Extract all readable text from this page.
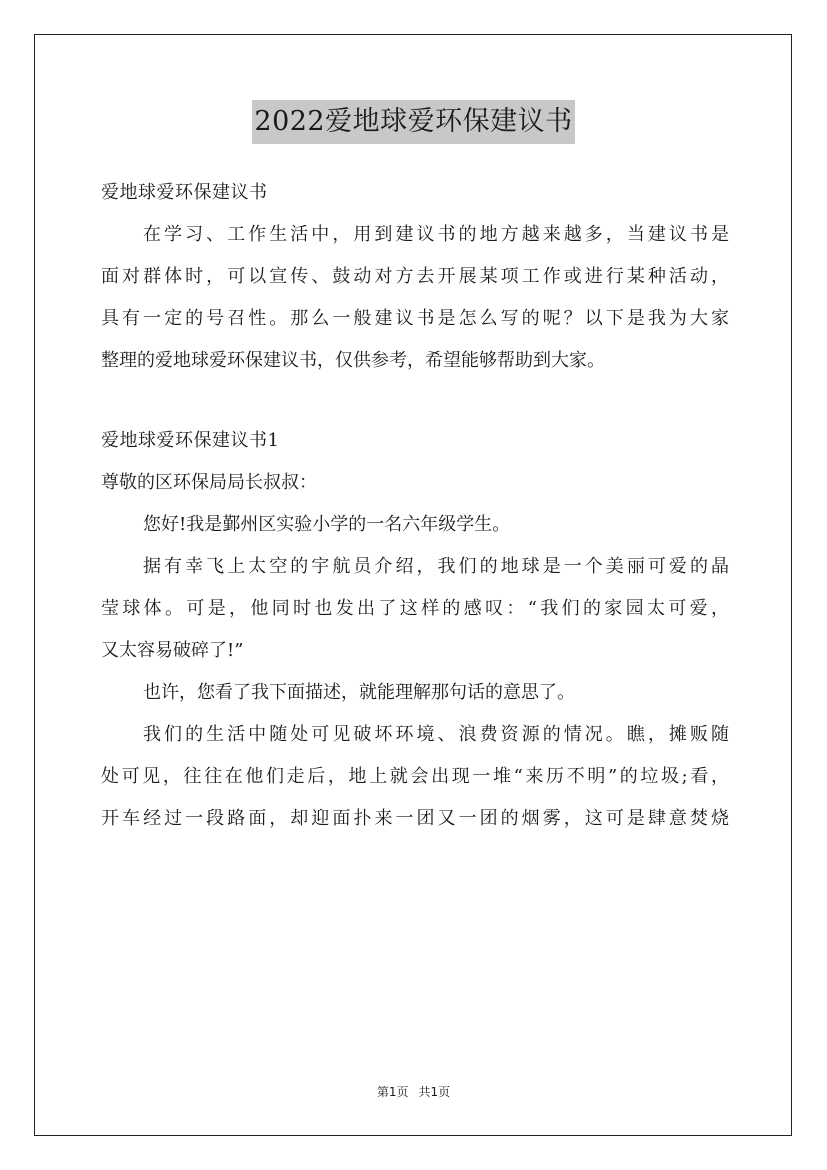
2022爱地球爱环保建议书
爱地球爱环保建议书
在学习、工作生活中，用到建议书的地方越来越多，当建议书是
面对群体时，可以宣传、鼓动对方去开展某项工作或进行某种活动，
具有一定的号召性。那么一般建议书是怎么写的呢？以下是我为大家
整理的爱地球爱环保建议书，仅供参考，希望能够帮助到大家。
爱地球爱环保建议书1
尊敬的区环保局局长叔叔：
您好!我是鄞州区实验小学的一名六年级学生。
据有幸飞上太空的宇航员介绍，我们的地球是一个美丽可爱的晶
莹球体。可是，他同时也发出了这样的感叹：“我们的家园太可爱，
又太容易破碎了!”
也许，您看了我下面描述，就能理解那句话的意思了。
我们的生活中随处可见破坏环境、浪费资源的情况。瞧，摊贩随
处可见，往往在他们走后，地上就会出现一堆“来历不明”的垃圾;看，
开车经过一段路面，却迎面扑来一团又一团的烟雾，这可是肆意焚烧
第1页 共1页
